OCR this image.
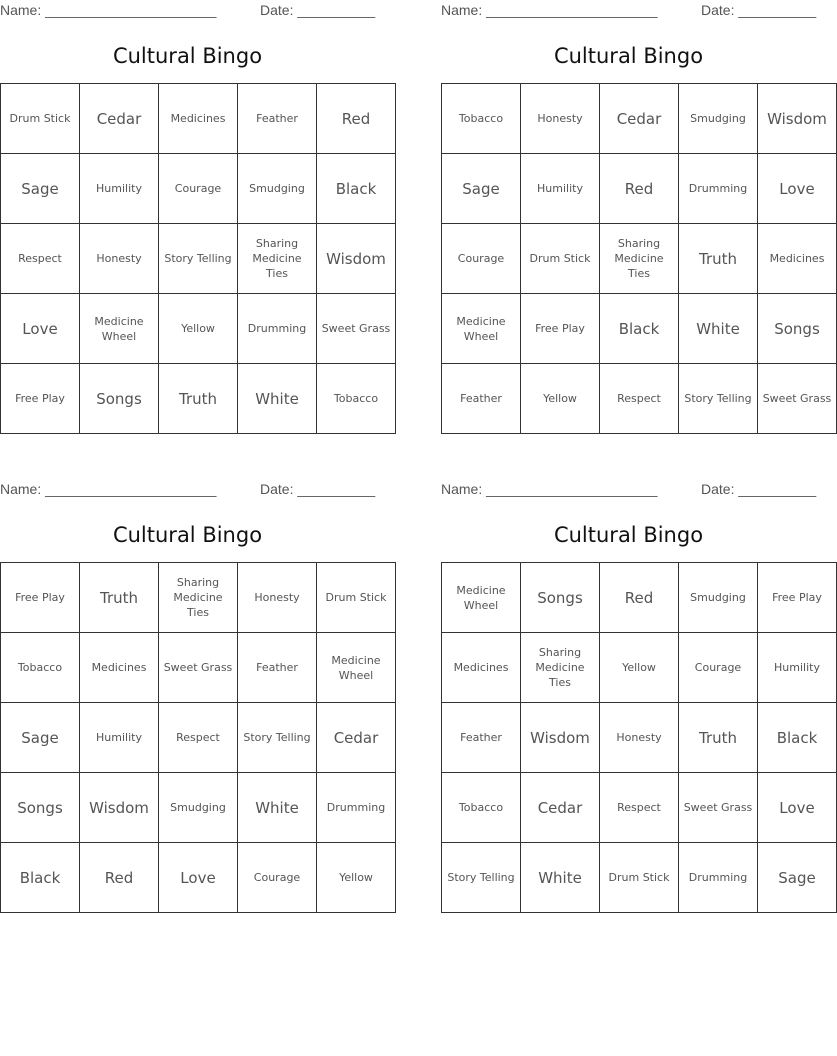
Name: ______________________	Date: __________
Cultural Bingo
Drum Stick	Cedar	Medicines	Feather	Red
Sage	Humility	Courage	Smudging	Black
Respect	Honesty	Story Telling	Sharing Medicine Ties	Wisdom
Love	Medicine Wheel	Yellow	Drumming	Sweet Grass
Free Play	Songs	Truth	White	Tobacco
Name: ______________________	Date: __________
Cultural Bingo
Tobacco	Honesty	Cedar	Smudging	Wisdom
Sage	Humility	Red	Drumming	Love
Courage	Drum Stick	Sharing Medicine Ties	Truth	Medicines
Medicine Wheel	Free Play	Black	White	Songs
Feather	Yellow	Respect	Story Telling	Sweet Grass
Name: ______________________	Date: __________
Cultural Bingo
Free Play	Truth	Sharing Medicine Ties	Honesty	Drum Stick
Tobacco	Medicines	Sweet Grass	Feather	Medicine Wheel
Sage	Humility	Respect	Story Telling	Cedar
Songs	Wisdom	Smudging	White	Drumming
Black	Red	Love	Courage	Yellow
Name: ______________________	Date: __________
Cultural Bingo
Medicine Wheel	Songs	Red	Smudging	Free Play
Medicines	Sharing Medicine Ties	Yellow	Courage	Humility
Feather	Wisdom	Honesty	Truth	Black
Tobacco	Cedar	Respect	Sweet Grass	Love
Story Telling	White	Drum Stick	Drumming	Sage
